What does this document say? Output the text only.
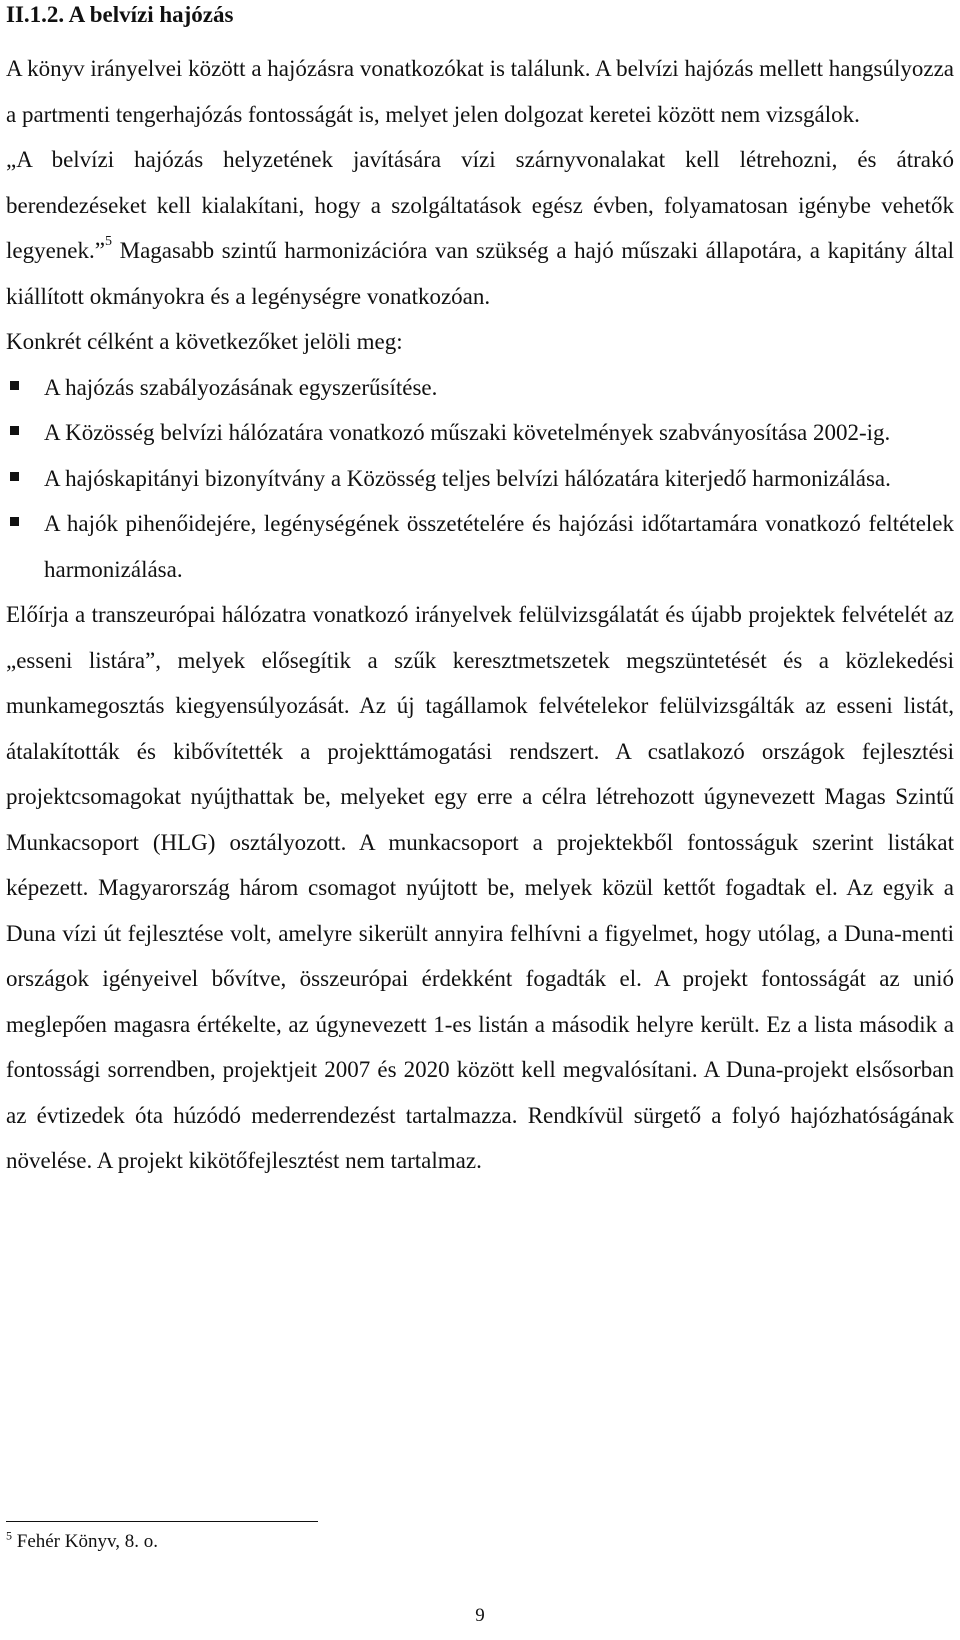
II.1.2. A belvízi hajózás

A könyv irányelvei között a hajózásra vonatkozókat is találunk. A belvízi hajózás mellett hangsúlyozza a partmenti tengerhajózás fontosságát is, melyet jelen dolgozat keretei között nem vizsgálok.

„A belvízi hajózás helyzetének javítására vízi szárnyvonalakat kell létrehozni, és átrakó berendezéseket kell kialakítani, hogy a szolgáltatások egész évben, folyamatosan igénybe vehetők legyenek.”$^5$ Magasabb szintű harmonizációra van szükség a hajó műszaki állapotára, a kapitány által kiállított okmányokra és a legénységre vonatkozóan.

Konkrét célként a következőket jelöli meg:

A hajózás szabályozásának egyszerűsítése.
A Közösség belvízi hálózatára vonatkozó műszaki követelmények szabványosítása 2002-ig.
A hajóskapitányi bizonyítvány a Közösség teljes belvízi hálózatára kiterjedő harmonizálása.
A hajók pihenőidejére, legénységének összetételére és hajózási időtartamára vonatkozó feltételek harmonizálása.

Előírja a transzeurópai hálózatra vonatkozó irányelvek felülvizsgálatát és újabb projektek felvételét az „esseni listára”, melyek elősegítik a szűk keresztmetszetek megszüntetését és a közlekedési munkamegosztás kiegyensúlyozását. Az új tagállamok felvételekor felülvizsgálták az esseni listát, átalakították és kibővítették a projekttámogatási rendszert. A csatlakozó országok fejlesztési projektcsomagokat nyújthattak be, melyeket egy erre a célra létrehozott úgynevezett Magas Szintű Munkacsoport (HLG) osztályozott. A munkacsoport a projektekből fontosságuk szerint listákat képezett. Magyarország három csomagot nyújtott be, melyek közül kettőt fogadtak el. Az egyik a Duna vízi út fejlesztése volt, amelyre sikerült annyira felhívni a figyelmet, hogy utólag, a Duna-menti országok igényeivel bővítve, összeurópai érdekként fogadták el. A projekt fontosságát az unió meglepően magasra értékelte, az úgynevezett 1-es listán a második helyre került. Ez a lista második a fontossági sorrendben, projektjeit 2007 és 2020 között kell megvalósítani. A Duna-projekt elsősorban az évtizedek óta húzódó mederrendezést tartalmazza. Rendkívül sürgető a folyó hajózhatóságának növelése. A projekt kikötőfejlesztést nem tartalmaz.

$^5$ Fehér Könyv, 8. o.
9
